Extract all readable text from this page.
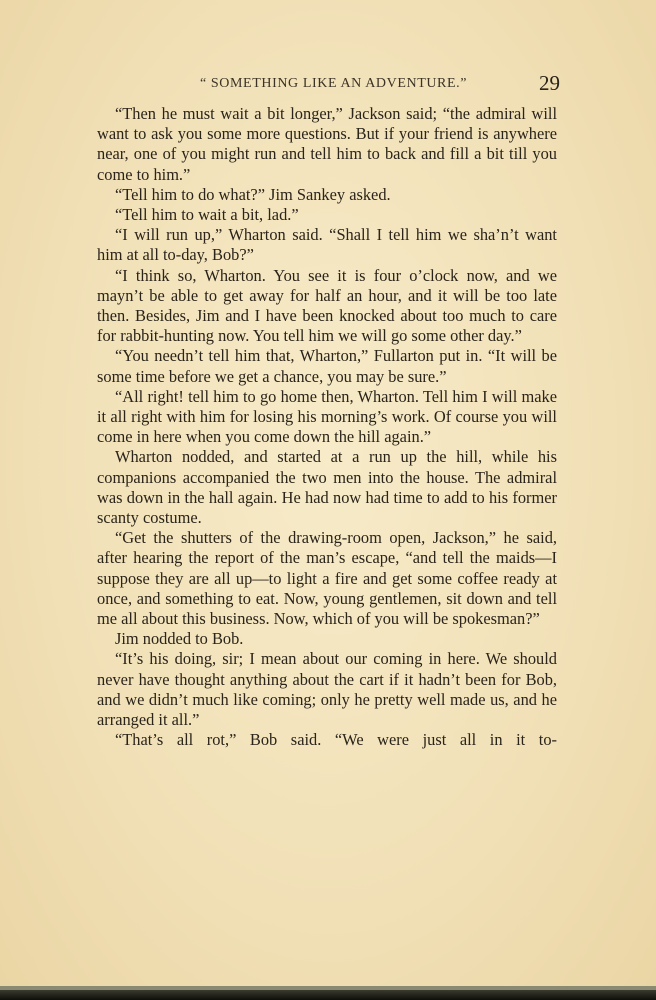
“ SOMETHING LIKE AN ADVENTURE.”	29

“Then he must wait a bit longer,” Jackson said; “the admiral will want to ask you some more questions. But if your friend is anywhere near, one of you might run and tell him to back and fill a bit till you come to him.”

“Tell him to do what?” Jim Sankey asked.

“Tell him to wait a bit, lad.”

“I will run up,” Wharton said. “Shall I tell him we sha’n’t want him at all to-day, Bob?”

“I think so, Wharton. You see it is four o’clock now, and we mayn’t be able to get away for half an hour, and it will be too late then. Besides, Jim and I have been knocked about too much to care for rabbit-hunting now. You tell him we will go some other day.”

“You needn’t tell him that, Wharton,” Fullarton put in. “It will be some time before we get a chance, you may be sure.”

“All right! tell him to go home then, Wharton. Tell him I will make it all right with him for losing his morning’s work. Of course you will come in here when you come down the hill again.”

Wharton nodded, and started at a run up the hill, while his companions accompanied the two men into the house. The admiral was down in the hall again. He had now had time to add to his former scanty costume.

“Get the shutters of the drawing-room open, Jackson,” he said, after hearing the report of the man’s escape, “and tell the maids—I suppose they are all up—to light a fire and get some coffee ready at once, and something to eat. Now, young gentlemen, sit down and tell me all about this business. Now, which of you will be spokesman?”

Jim nodded to Bob.

“It’s his doing, sir; I mean about our coming in here. We should never have thought anything about the cart if it hadn’t been for Bob, and we didn’t much like coming; only he pretty well made us, and he arranged it all.”

“That’s all rot,” Bob said. “We were just all in it to-
